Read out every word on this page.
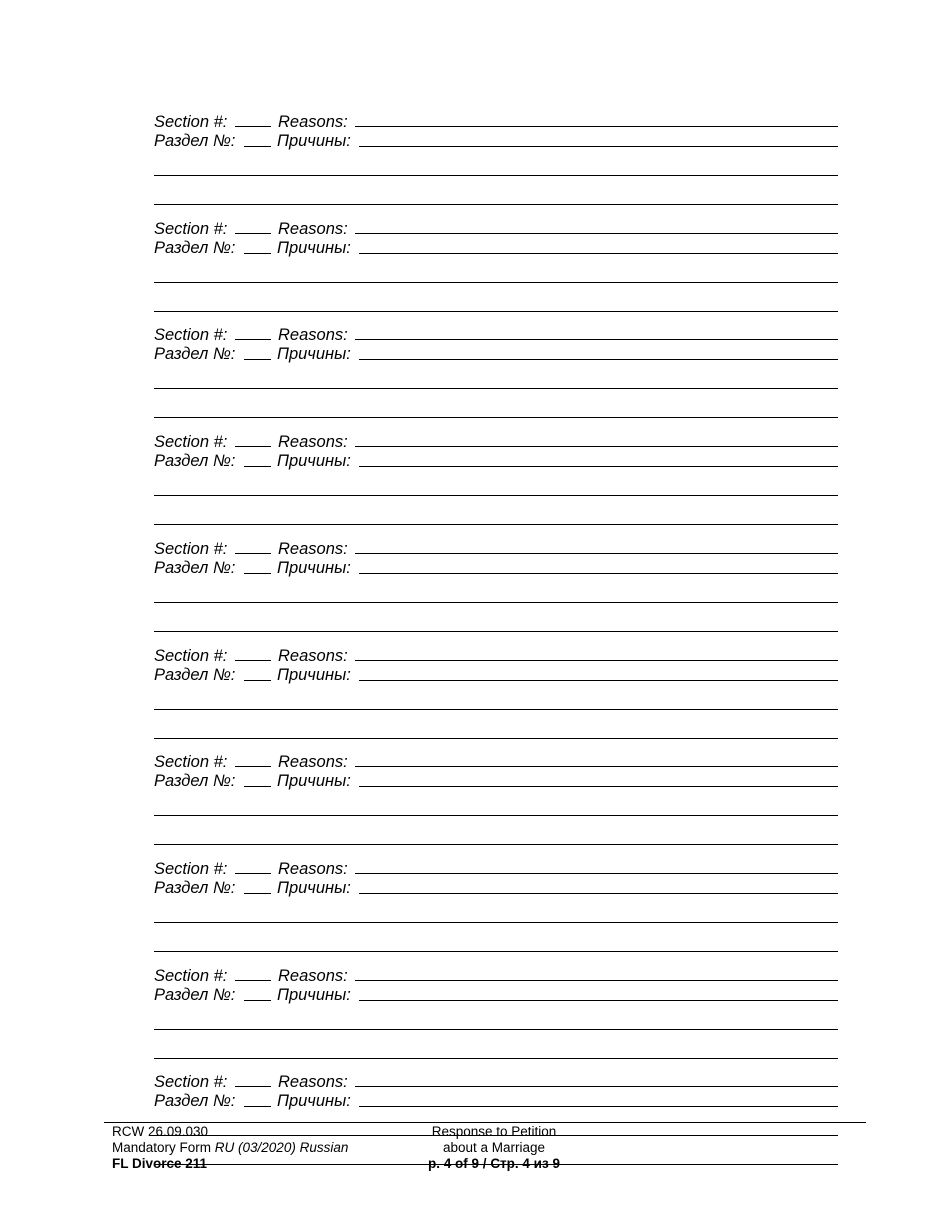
Section #:	Reasons:
Раздел №:	Причины:
Section #:	Reasons:
Раздел №:	Причины:
Section #:	Reasons:
Раздел №:	Причины:
Section #:	Reasons:
Раздел №:	Причины:
Section #:	Reasons:
Раздел №:	Причины:
Section #:	Reasons:
Раздел №:	Причины:
Section #:	Reasons:
Раздел №:	Причины:
Section #:	Reasons:
Раздел №:	Причины:
Section #:	Reasons:
Раздел №:	Причины:
Section #:	Reasons:
Раздел №:	Причины:
RCW 26.09.030
Mandatory Form RU (03/2020) Russian
FL Divorce 211
Response to Petition
about a Marriage
p. 4 of 9 / Стр. 4 из 9
